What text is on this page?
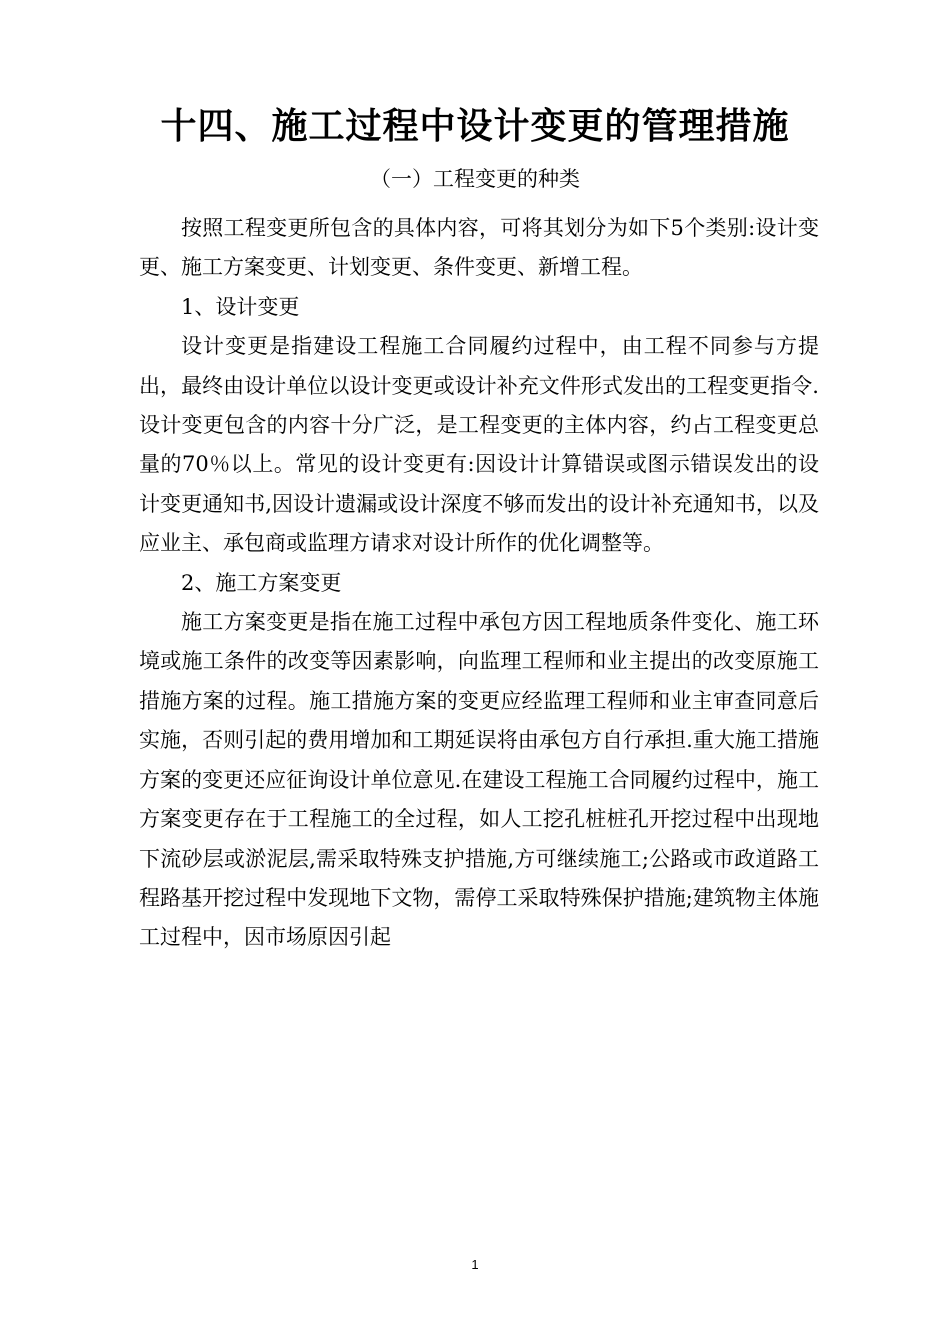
十四、施工过程中设计变更的管理措施
（一）工程变更的种类

按照工程变更所包含的具体内容，可将其划分为如下5个类别:设计变更、施工方案变更、计划变更、条件变更、新增工程。

1、设计变更

设计变更是指建设工程施工合同履约过程中，由工程不同参与方提出，最终由设计单位以设计变更或设计补充文件形式发出的工程变更指令.设计变更包含的内容十分广泛，是工程变更的主体内容，约占工程变更总量的70％以上。常见的设计变更有:因设计计算错误或图示错误发出的设计变更通知书,因设计遗漏或设计深度不够而发出的设计补充通知书，以及应业主、承包商或监理方请求对设计所作的优化调整等。

2、施工方案变更

施工方案变更是指在施工过程中承包方因工程地质条件变化、施工环境或施工条件的改变等因素影响，向监理工程师和业主提出的改变原施工措施方案的过程。施工措施方案的变更应经监理工程师和业主审查同意后实施，否则引起的费用增加和工期延误将由承包方自行承担.重大施工措施方案的变更还应征询设计单位意见.在建设工程施工合同履约过程中，施工方案变更存在于工程施工的全过程，如人工挖孔桩桩孔开挖过程中出现地下流砂层或淤泥层,需采取特殊支护措施,方可继续施工;公路或市政道路工程路基开挖过程中发现地下文物，需停工采取特殊保护措施;建筑物主体施工过程中，因市场原因引起

1
